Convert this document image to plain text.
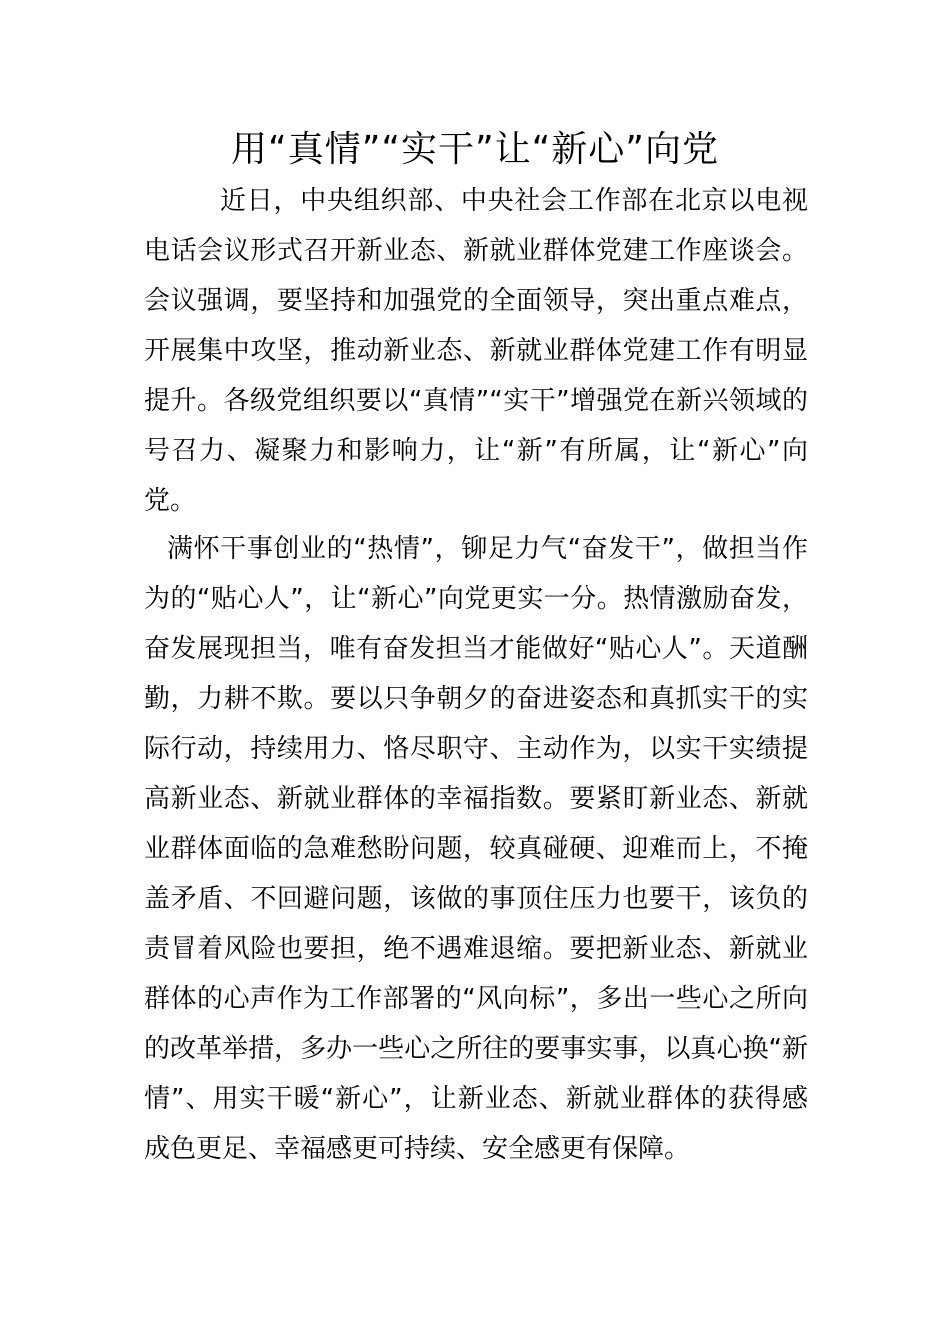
用“真情”“实干”让“新心”向党

近日，中央组织部、中央社会工作部在北京以电视电话会议形式召开新业态、新就业群体党建工作座谈会。会议强调，要坚持和加强党的全面领导，突出重点难点，开展集中攻坚，推动新业态、新就业群体党建工作有明显提升。各级党组织要以“真情”“实干”增强党在新兴领域的号召力、凝聚力和影响力，让“新”有所属，让“新心”向党。

满怀干事创业的“热情”，铆足力气“奋发干”，做担当作为的“贴心人”，让“新心”向党更实一分。热情激励奋发，奋发展现担当，唯有奋发担当才能做好“贴心人”。天道酬勤，力耕不欺。要以只争朝夕的奋进姿态和真抓实干的实际行动，持续用力、恪尽职守、主动作为，以实干实绩提高新业态、新就业群体的幸福指数。要紧盯新业态、新就业群体面临的急难愁盼问题，较真碰硬、迎难而上，不掩盖矛盾、不回避问题，该做的事顶住压力也要干，该负的责冒着风险也要担，绝不遇难退缩。要把新业态、新就业群体的心声作为工作部署的“风向标”，多出一些心之所向的改革举措，多办一些心之所往的要事实事，以真心换“新情”、用实干暖“新心”，让新业态、新就业群体的获得感成色更足、幸福感更可持续、安全感更有保障。
